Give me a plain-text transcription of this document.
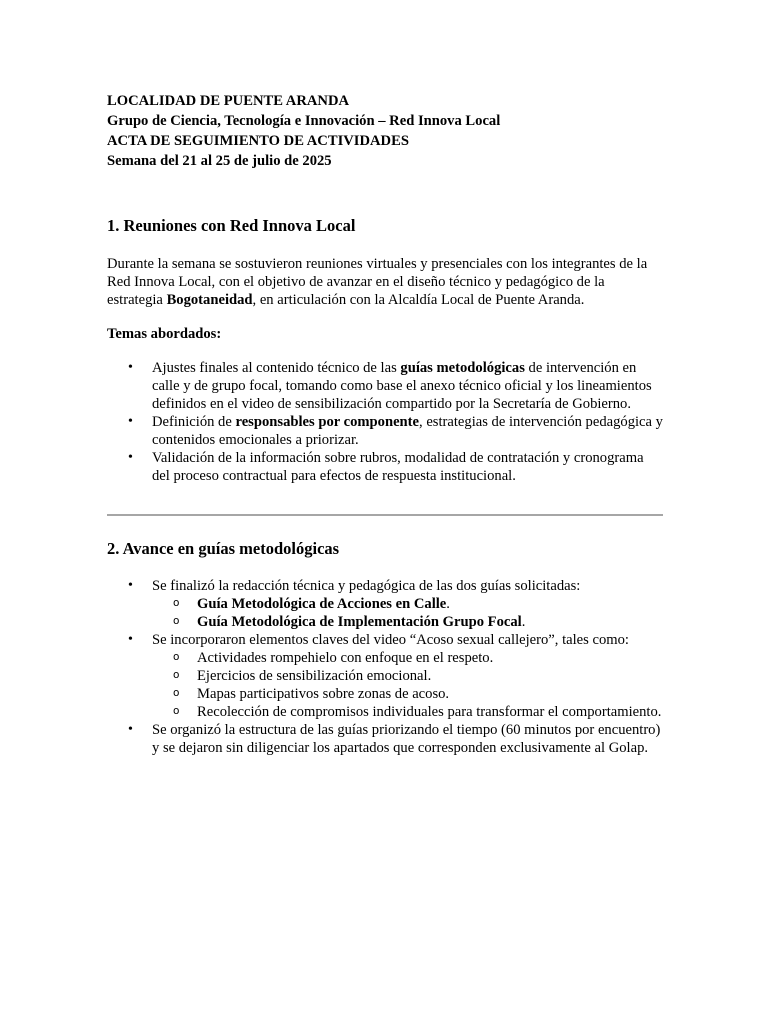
LOCALIDAD DE PUENTE ARANDA

Grupo de Ciencia, Tecnología e Innovación – Red Innova Local

ACTA DE SEGUIMIENTO DE ACTIVIDADES

Semana del 21 al 25 de julio de 2025

1. Reuniones con Red Innova Local

Durante la semana se sostuvieron reuniones virtuales y presenciales con los integrantes de la Red Innova Local, con el objetivo de avanzar en el diseño técnico y pedagógico de la estrategia Bogotaneidad, en articulación con la Alcaldía Local de Puente Aranda.

Temas abordados:

• Ajustes finales al contenido técnico de las guías metodológicas de intervención en calle y de grupo focal, tomando como base el anexo técnico oficial y los lineamientos definidos en el video de sensibilización compartido por la Secretaría de Gobierno.
• Definición de responsables por componente, estrategias de intervención pedagógica y contenidos emocionales a priorizar.
• Validación de la información sobre rubros, modalidad de contratación y cronograma del proceso contractual para efectos de respuesta institucional.
2. Avance en guías metodológicas
• Se finalizó la redacción técnica y pedagógica de las dos guías solicitadas:
o Guía Metodológica de Acciones en Calle.
o Guía Metodológica de Implementación Grupo Focal.
• Se incorporaron elementos claves del video “Acoso sexual callejero”, tales como:
o Actividades rompehielo con enfoque en el respeto.
o Ejercicios de sensibilización emocional.
o Mapas participativos sobre zonas de acoso.
o Recolección de compromisos individuales para transformar el comportamiento.
• Se organizó la estructura de las guías priorizando el tiempo (60 minutos por encuentro) y se dejaron sin diligenciar los apartados que corresponden exclusivamente al Golap.
